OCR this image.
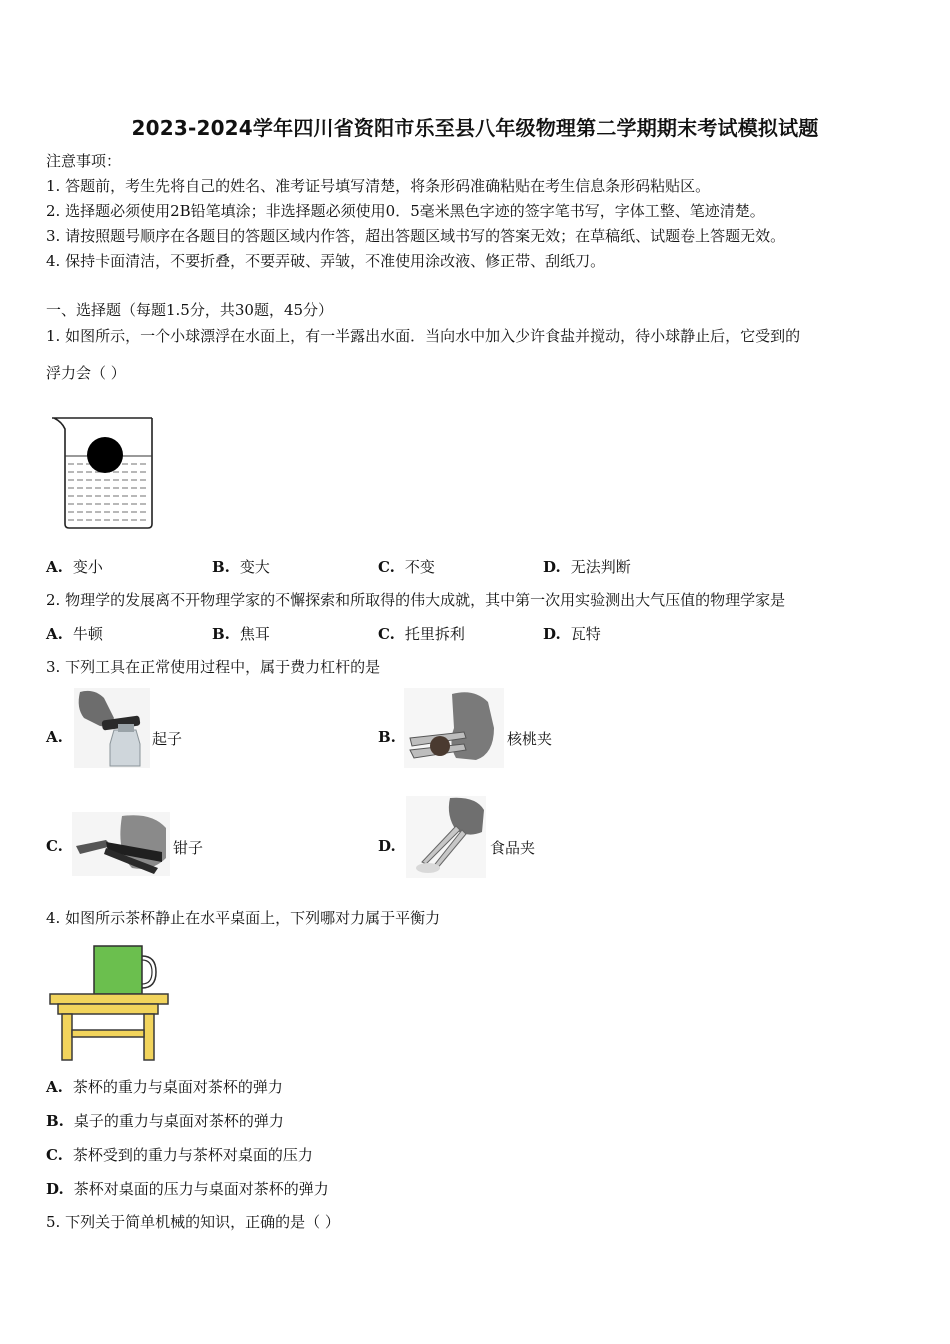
2023-2024学年四川省资阳市乐至县八年级物理第二学期期末考试模拟试题
注意事项：
1. 答题前，考生先将自己的姓名、准考证号填写清楚，将条形码准确粘贴在考生信息条形码粘贴区。
2. 选择题必须使用2B铅笔填涂；非选择题必须使用0．5毫米黑色字迹的签字笔书写，字体工整、笔迹清楚。
3. 请按照题号顺序在各题目的答题区域内作答，超出答题区域书写的答案无效；在草稿纸、试题卷上答题无效。
4. 保持卡面清洁，不要折叠，不要弄破、弄皱，不准使用涂改液、修正带、刮纸刀。
一、选择题（每题1.5分，共30题，45分）
1. 如图所示，一个小球漂浮在水面上，有一半露出水面．当向水中加入少许食盐并搅动，待小球静止后，它受到的
浮力会（ ）
A. 变小	B. 变大	C. 不变	D. 无法判断
2. 物理学的发展离不开物理学家的不懈探索和所取得的伟大成就，其中第一次用实验测出大气压值的物理学家是
A. 牛顿	B. 焦耳	C. 托里拆利	D. 瓦特
3. 下列工具在正常使用过程中，属于费力杠杆的是
A.	起子	B.	核桃夹
C.	钳子	D.	食品夹
4. 如图所示茶杯静止在水平桌面上，下列哪对力属于平衡力
A. 茶杯的重力与桌面对茶杯的弹力
B. 桌子的重力与桌面对茶杯的弹力
C. 茶杯受到的重力与茶杯对桌面的压力
D. 茶杯对桌面的压力与桌面对茶杯的弹力
5. 下列关于简单机械的知识，正确的是（ ）
